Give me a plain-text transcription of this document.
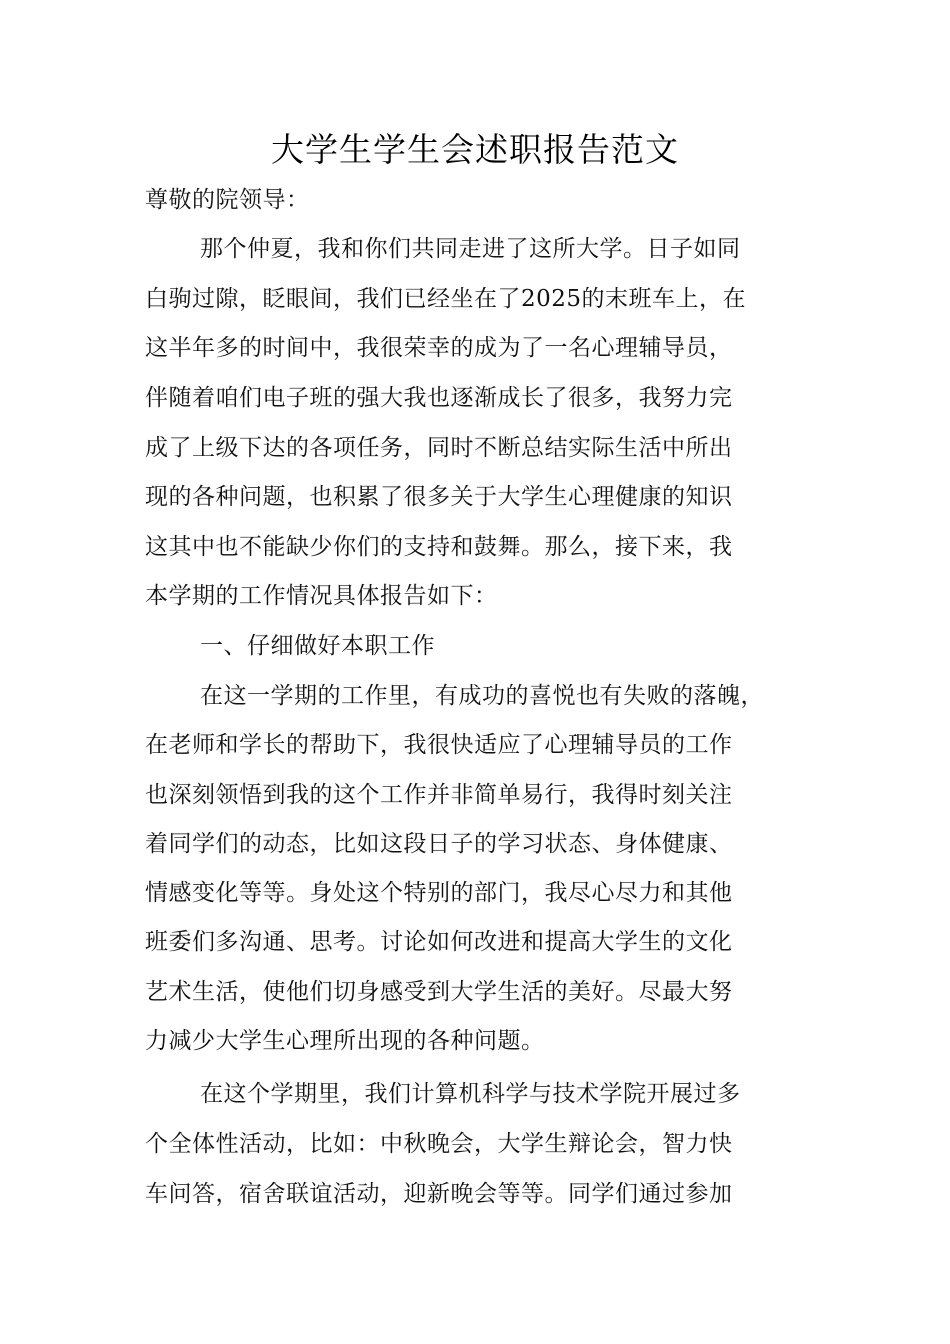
大学生学生会述职报告范文
尊敬的院领导：
那个仲夏，我和你们共同走进了这所大学。日子如同
白驹过隙，眨眼间，我们已经坐在了2025的末班车上，在
这半年多的时间中，我很荣幸的成为了一名心理辅导员，
伴随着咱们电子班的强大我也逐渐成长了很多，我努力完
成了上级下达的各项任务，同时不断总结实际生活中所出
现的各种问题，也积累了很多关于大学生心理健康的知识
这其中也不能缺少你们的支持和鼓舞。那么，接下来，我
本学期的工作情况具体报告如下：
一、仔细做好本职工作
在这一学期的工作里，有成功的喜悦也有失败的落魄，
在老师和学长的帮助下，我很快适应了心理辅导员的工作
也深刻领悟到我的这个工作并非简单易行，我得时刻关注
着同学们的动态，比如这段日子的学习状态、身体健康、
情感变化等等。身处这个特别的部门，我尽心尽力和其他
班委们多沟通、思考。讨论如何改进和提高大学生的文化
艺术生活，使他们切身感受到大学生活的美好。尽最大努
力减少大学生心理所出现的各种问题。
在这个学期里，我们计算机科学与技术学院开展过多
个全体性活动，比如：中秋晚会，大学生辩论会，智力快
车问答，宿舍联谊活动，迎新晚会等等。同学们通过参加
